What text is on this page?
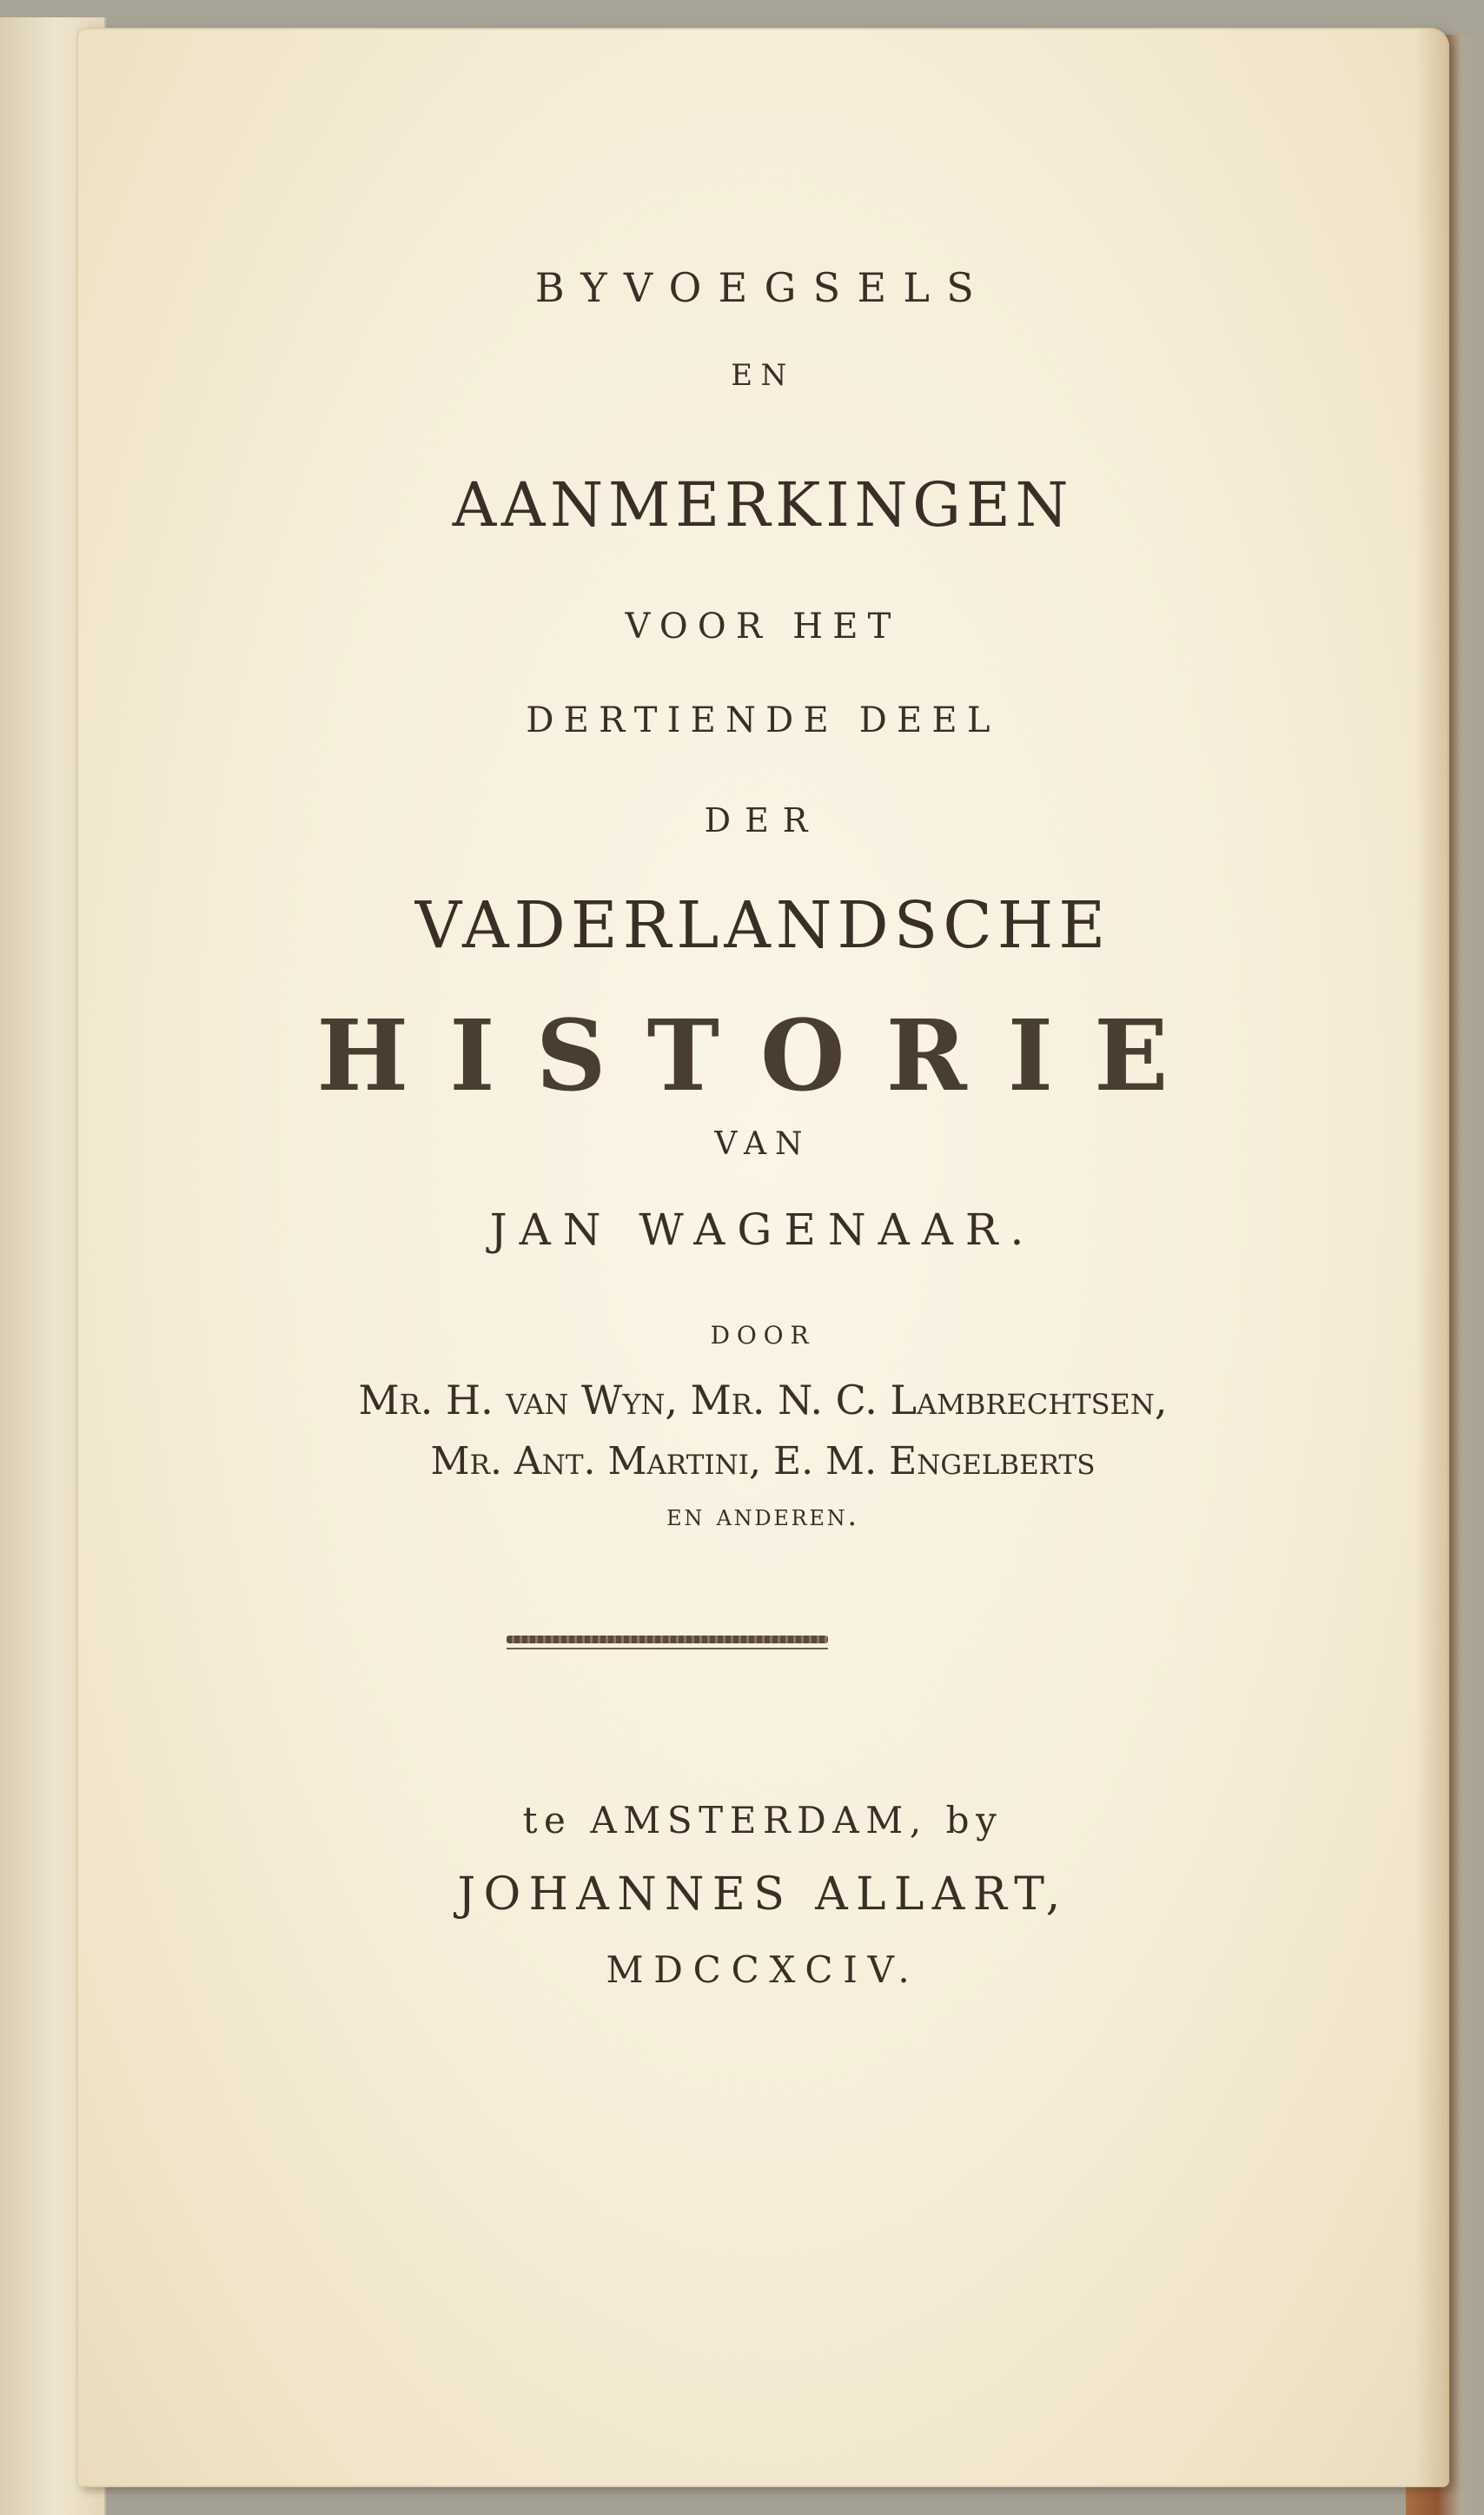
BYVOEGSELS
EN
AANMERKINGEN
VOOR HET
DERTIENDE DEEL
DER
VADERLANDSCHE
HISTORIE
VAN
JAN WAGENAAR.
DOOR
Mr. H. van Wyn, Mr. N. C. Lambrechtsen,
Mr. Ant. Martini, E. M. Engelberts
en anderen.
te AMSTERDAM, by
JOHANNES ALLART,
MDCCXCIV.
